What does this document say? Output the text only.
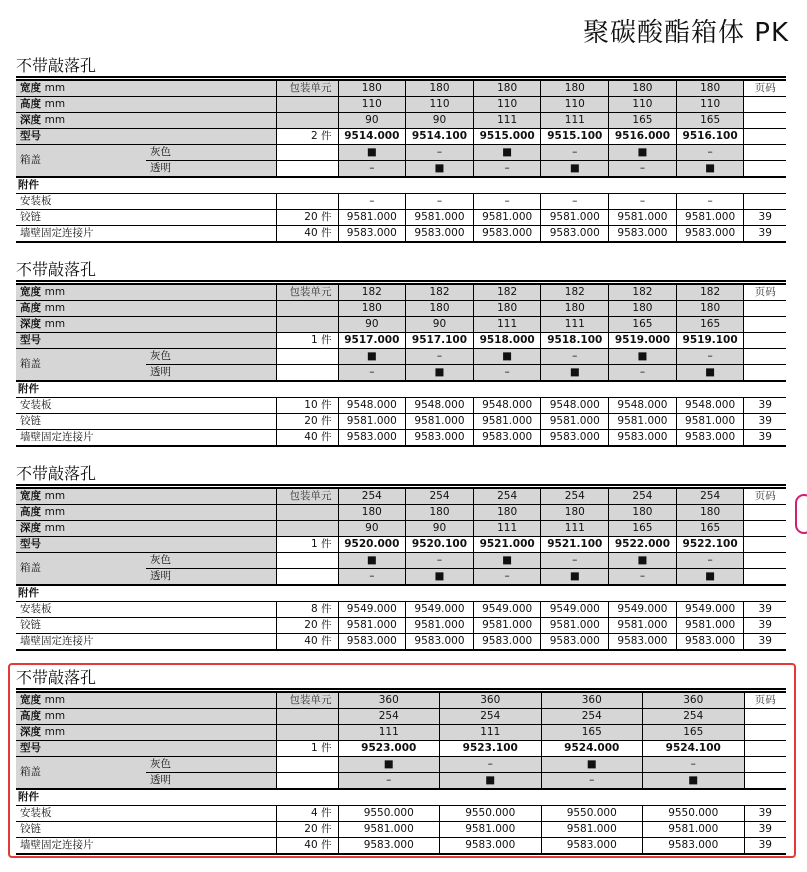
聚碳酸酯箱体 PK
不带敲落孔
宽度 mm		包装单元	180	180	180	180	180	180	页码
高度 mm			110	110	110	110	110	110	
深度 mm			90	90	111	111	165	165	
型号		2 件	9514.000	9514.100	9515.000	9515.100	9516.000	9516.100	
箱盖	灰色		■	–	■	–	■	–	
	透明		–	■	–	■	–	■	
附件									
安装板			–	–	–	–	–	–	
铰链		20 件	9581.000	9581.000	9581.000	9581.000	9581.000	9581.000	39
墙壁固定连接片		40 件	9583.000	9583.000	9583.000	9583.000	9583.000	9583.000	39
不带敲落孔
宽度 mm		包装单元	182	182	182	182	182	182	页码
高度 mm			180	180	180	180	180	180	
深度 mm			90	90	111	111	165	165	
型号		1 件	9517.000	9517.100	9518.000	9518.100	9519.000	9519.100	
箱盖	灰色		■	–	■	–	■	–	
	透明		–	■	–	■	–	■	
附件									
安装板		10 件	9548.000	9548.000	9548.000	9548.000	9548.000	9548.000	39
铰链		20 件	9581.000	9581.000	9581.000	9581.000	9581.000	9581.000	39
墙壁固定连接片		40 件	9583.000	9583.000	9583.000	9583.000	9583.000	9583.000	39
不带敲落孔
宽度 mm		包装单元	254	254	254	254	254	254	页码
高度 mm			180	180	180	180	180	180	
深度 mm			90	90	111	111	165	165	
型号		1 件	9520.000	9520.100	9521.000	9521.100	9522.000	9522.100	
箱盖	灰色		■	–	■	–	■	–	
	透明		–	■	–	■	–	■	
附件									
安装板		8 件	9549.000	9549.000	9549.000	9549.000	9549.000	9549.000	39
铰链		20 件	9581.000	9581.000	9581.000	9581.000	9581.000	9581.000	39
墙壁固定连接片		40 件	9583.000	9583.000	9583.000	9583.000	9583.000	9583.000	39
不带敲落孔
宽度 mm		包装单元	360	360	360	360	页码
高度 mm			254	254	254	254	
深度 mm			111	111	165	165	
型号		1 件	9523.000	9523.100	9524.000	9524.100	
箱盖	灰色		■	–	■	–	
	透明		–	■	–	■	
附件							
安装板		4 件	9550.000	9550.000	9550.000	9550.000	39
铰链		20 件	9581.000	9581.000	9581.000	9581.000	39
墙壁固定连接片		40 件	9583.000	9583.000	9583.000	9583.000	39
